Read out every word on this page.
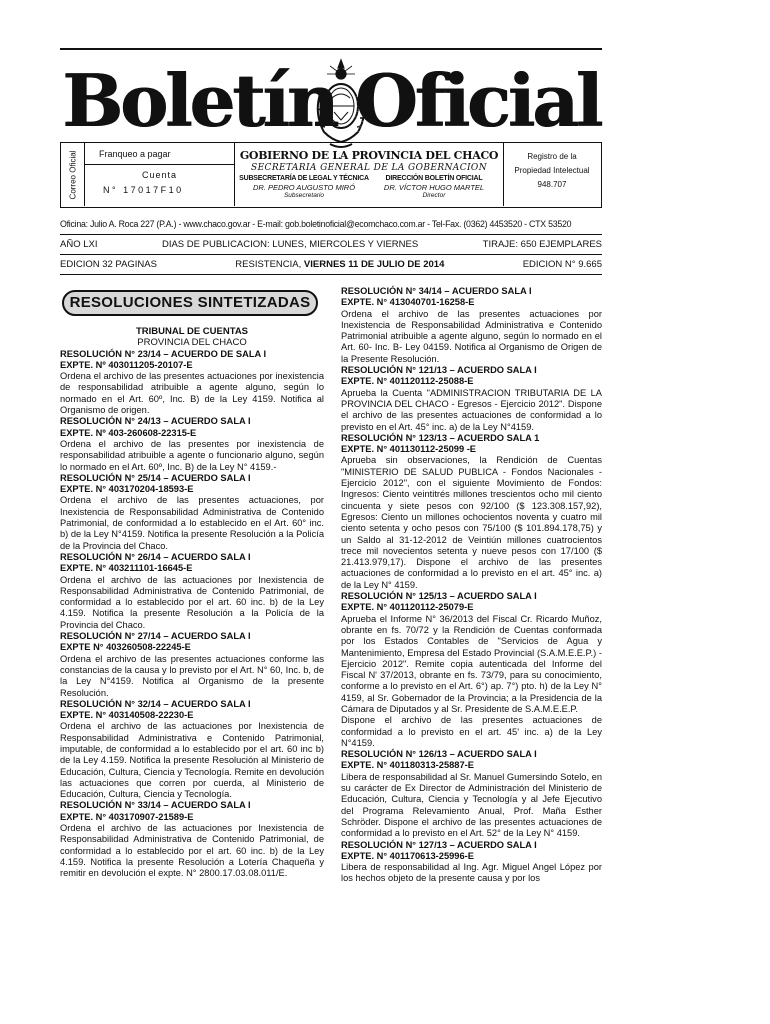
Boletín Oficial
Correo Oficial	Franqueo a pagar
Cuenta
N° 17017F10
GOBIERNO DE LA PROVINCIA DEL CHACO
SECRETARIA GENERAL DE LA GOBERNACION
SUBSECRETARÍA DE LEGAL Y TÉCNICA
DR. PEDRO AUGUSTO MIRÓ
Subsecretario
DIRECCIÓN BOLETÍN OFICIAL
DR. VÍCTOR HUGO MARTEL
Director
Registro de la
Propiedad Intelectual
948.707
Oficina: Julio A. Roca 227 (P.A.) - www.chaco.gov.ar - E-mail: gob.boletinoficial@ecomchaco.com.ar - Tel-Fax. (0362) 4453520 - CTX 53520
AÑO LXI	DIAS DE PUBLICACION: LUNES, MIERCOLES Y VIERNES	TIRAJE: 650 EJEMPLARES
EDICION 32 PAGINAS	RESISTENCIA, VIERNES 11 DE JULIO DE 2014	EDICION N° 9.665
RESOLUCIONES SINTETIZADAS
TRIBUNAL DE CUENTAS
PROVINCIA DEL CHACO
RESOLUCIÓN N° 23/14 – ACUERDO DE SALA I
EXPTE. Nº 403011205-20107-E
Ordena el archivo de las presentes actuaciones por inexistencia de responsabilidad atribuible a agente alguno, según lo normado en el Art. 60º, Inc. B) de la Ley 4159. Notifica al Organismo de origen.
RESOLUCIÓN N° 24/13 – ACUERDO SALA I
EXPTE. Nº 403-260608-22315-E
Ordena el archivo de las presentes por inexistencia de responsabilidad atribuible a agente o funcionario alguno, según lo normado en el Art. 60º, Inc. B) de la Ley N° 4159.-
RESOLUCIÓN N° 25/14 – ACUERDO SALA I
EXPTE. N° 403170204-18593-E
Ordena el archivo de las presentes actuaciones, por Inexistencia de Responsabilidad Administrativa de Contenido Patrimonial, de conformidad a lo establecido en el Art. 60° inc. b) de la Ley N°4159. Notifica la presente Resolución a la Policía de la Provincia del Chaco.
RESOLUCIÓN N° 26/14 – ACUERDO SALA I
EXPTE. N° 403211101-16645-E
Ordena el archivo de las actuaciones por Inexistencia de Responsabilidad Administrativa de Contenido Patrimonial, de conformidad a lo establecido por el art. 60 inc. b) de la Ley 4.159. Notifica la presente Resolución a la Policía de la Provincia del Chaco.
RESOLUCIÓN N° 27/14 – ACUERDO SALA I
EXPTE N° 403260508-22245-E
Ordena el archivo de las presentes actuaciones conforme las constancias de la causa y lo previsto por el Art. N° 60, Inc. b, de la Ley N°4159. Notifica al Organismo de la presente Resolución.
RESOLUCIÓN N° 32/14 – ACUERDO SALA I
EXPTE. N° 403140508-22230-E
Ordena el archivo de las actuaciones por Inexistencia de Responsabilidad Administrativa e Contenido Patrimonial, imputable, de conformidad a lo establecido por el art. 60 inc b) de la Ley 4.159. Notifica la presente Resolución al Ministerio de Educación, Cultura, Ciencia y Tecnología. Remite en devolución las actuaciones que corren por cuerda, al Ministerio de Educación, Cultura, Ciencia y Tecnología.
RESOLUCIÓN N° 33/14 – ACUERDO SALA I
EXPTE. N° 403170907-21589-E
Ordena el archivo de las actuaciones por Inexistencia de Responsabilidad Administrativa de Contenido Patrimonial, de conformidad a lo establecido por el art. 60 inc. b) de la Ley 4.159. Notifica la presente Resolución a Lotería Chaqueña y remitir en devolución el expte. N° 2800.17.03.08.011/E.
RESOLUCIÓN N° 34/14 – ACUERDO SALA I
EXPTE. N° 413040701-16258-E
Ordena el archivo de las presentes actuaciones por Inexistencia de Responsabilidad Administrativa e Contenido Patrimonial atribuible a agente alguno, según lo normado en el Art. 60- Inc. B- Ley 04159. Notifica al Organismo de Origen de la Presente Resolución.
RESOLUCIÓN N° 121/13 – ACUERDO SALA I
EXPTE. N° 401120112-25088-E
Aprueba la Cuenta "ADMINISTRACION TRIBUTARIA DE LA PROVINCIA DEL CHACO - Egresos - Ejercicio 2012". Dispone el archivo de las presentes actuaciones de conformidad a lo previsto en el Art. 45° inc. a) de la Ley N°4159.
RESOLUCIÓN N° 123/13 – ACUERDO SALA 1
EXPTE. N° 401130112-25099 -E
Aprueba sin observaciones, la Rendición de Cuentas "MINISTERIO DE SALUD PUBLICA - Fondos Nacionales - Ejercicio 2012", con el siguiente Movimiento de Fondos: Ingresos: Ciento veintitrés millones trescientos ocho mil ciento cincuenta y siete pesos con 92/100 ($ 123.308.157,92), Egresos: Ciento un millones ochocientos noventa y cuatro mil ciento setenta y ocho pesos con 75/100 ($ 101.894.178,75) y un Saldo al 31-12-2012 de Veintiún millones cuatrocientos trece mil novecientos setenta y nueve pesos con 17/100 ($ 21.413.979,17). Dispone el archivo de las presentes actuaciones de conformidad a lo previsto en el art. 45° inc. a) de la Ley N° 4159.
RESOLUCIÓN N° 125/13 – ACUERDO SALA I
EXPTE. N° 401120112-25079-E
Aprueba el Informe N° 36/2013 del Fiscal Cr. Ricardo Muñoz, obrante en fs. 70/72 y la Rendición de Cuentas conformada por los Estados Contables de "Servicios de Agua y Mantenimiento, Empresa del Estado Provincial (S.A.M.E.E.P.) - Ejercicio 2012". Remite copia autenticada del Informe del Fiscal N' 37/2013, obrante en fs. 73/79, para su conocimiento, conforme a lo previsto en el Art. 6°) ap. 7°) pto. h) de la Ley N° 4159, al Sr. Gobernador de la Provincia; a la Presidencia de la Cámara de Diputados y al Sr. Presidente de S.A.M.E.E.P.
Dispone el archivo de las presentes actuaciones de conformidad a lo previsto en el art. 45' inc. a) de la Ley N°4159.
RESOLUCIÓN N° 126/13 – ACUERDO SALA I
EXPTE. N° 401180313-25887-E
Libera de responsabilidad al Sr. Manuel Gumersindo Sotelo, en su carácter de Ex Director de Administración del Ministerio de Educación, Cultura, Ciencia y Tecnología y al Jefe Ejecutivo del Programa Relevamiento Anual, Prof. Maña Esther Schröder. Dispone el archivo de las presentes actuaciones de conformidad a lo previsto en el Art. 52° de la Ley N° 4159.
RESOLUCIÓN N° 127/13 – ACUERDO SALA I
EXPTE. N° 401170613-25996-E
Libera de responsabilidad al Ing. Agr. Miguel Angel López por los hechos objeto de la presente causa y por los
